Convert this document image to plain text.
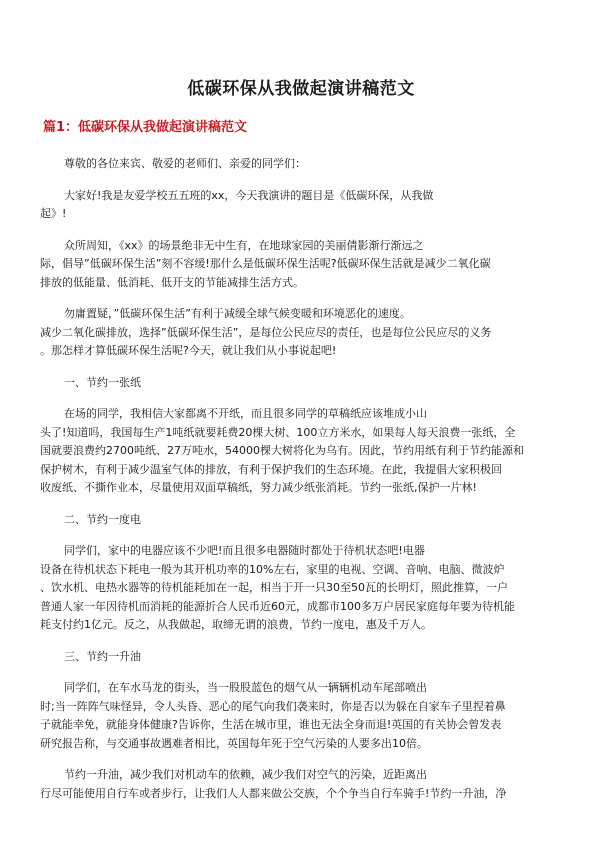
低碳环保从我做起演讲稿范文
篇1：低碳环保从我做起演讲稿范文

尊敬的各位来宾、敬爱的老师们、亲爱的同学们：

大家好!我是友爱学校五五班的xx，今天我演讲的题目是《低碳环保，从我做
起》!

众所周知，《xx》的场景绝非无中生有，在地球家园的美丽倩影渐行渐远之
际，倡导”低碳环保生活”刻不容缓!那什么是低碳环保生活呢?低碳环保生活就是减少二氧化碳
排放的低能量、低消耗、低开支的节能减排生活方式。

勿庸置疑，”低碳环保生活”有利于减缓全球气候变暖和环境恶化的速度。
减少二氧化碳排放，选择”低碳环保生活”，是每位公民应尽的责任，也是每位公民应尽的义务
。那怎样才算低碳环保生活呢?今天，就让我们从小事说起吧!

一、节约一张纸

在场的同学，我相信大家都离不开纸，而且很多同学的草稿纸应该堆成小山
头了!知道吗，我国每生产1吨纸就要耗费20棵大树、100立方米水，如果每人每天浪费一张纸，全
国就要浪费约2700吨纸、27万吨水，54000棵大树将化为乌有。因此，节约用纸有利于节约能源和
保护树木，有利于减少温室气体的排放，有利于保护我们的生态环境。在此，我提倡大家积极回
收废纸、不撕作业本，尽量使用双面草稿纸，努力减少纸张消耗。节约一张纸,保护一片林!

二、节约一度电

同学们，家中的电器应该不少吧!而且很多电器随时都处于待机状态吧!电器
设备在待机状态下耗电一般为其开机功率的10%左右，家里的电视、空调、音响、电脑、微波炉
、饮水机、电热水器等的待机能耗加在一起，相当于开一只30至50瓦的长明灯，照此推算，一户
普通人家一年因待机而消耗的能源折合人民币近60元，成都市100多万户居民家庭每年要为待机能
耗支付约1亿元。反之，从我做起，取缔无谓的浪费，节约一度电，惠及千万人。

三、节约一升油

同学们，在车水马龙的街头，当一股股蓝色的烟气从一辆辆机动车尾部喷出
时;当一阵阵气味怪异，令人头昏、恶心的尾气向我们袭来时，你是否以为躲在自家车子里捏着鼻
子就能幸免，就能身体健康?告诉你，生活在城市里，谁也无法全身而退!英国的有关协会曾发表
研究报告称，与交通事故遇难者相比，英国每年死于空气污染的人要多出10倍。

节约一升油，减少我们对机动车的依赖，减少我们对空气的污染，近距离出
行尽可能使用自行车或者步行，让我们人人都来做公交族，个个争当自行车骑手!节约一升油，净
